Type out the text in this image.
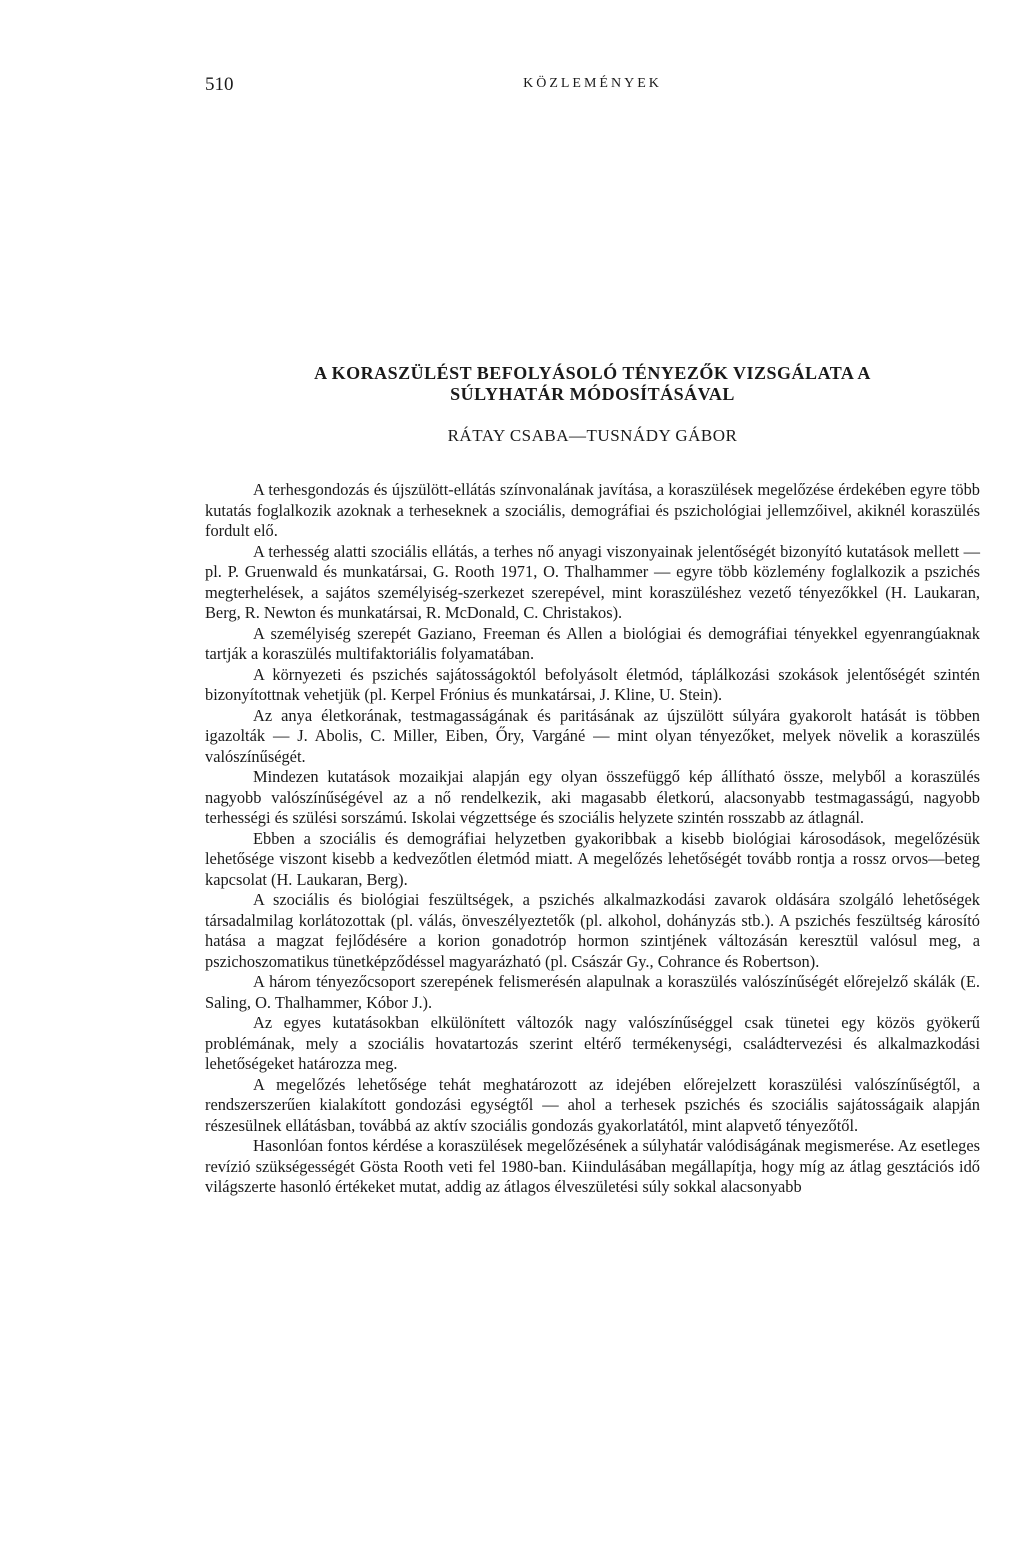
510	KÖZLEMÉNYEK
A KORASZÜLÉST BEFOLYÁSOLÓ TÉNYEZŐK VIZSGÁLATA A
SÚLYHATÁR MÓDOSÍTÁSÁVAL
RÁTAY CSABA—TUSNÁDY GÁBOR

A terhesgondozás és újszülött-ellátás színvonalának javítása, a koraszülések megelőzése érdekében egyre több kutatás foglalkozik azoknak a terheseknek a szociális, demográfiai és pszichológiai jellemzőivel, akiknél koraszülés fordult elő.

A terhesség alatti szociális ellátás, a terhes nő anyagi viszonyainak jelentőségét bizonyító kutatások mellett — pl. P. Gruenwald és munkatársai, G. Rooth 1971, O. Thalhammer — egyre több közlemény foglalkozik a pszichés megterhelések, a sajátos személyiség-szerkezet szerepével, mint koraszüléshez vezető tényezőkkel (H. Laukaran, Berg, R. Newton és munkatársai, R. McDonald, C. Christakos).

A személyiség szerepét Gaziano, Freeman és Allen a biológiai és demográfiai tényekkel egyenrangúaknak tartják a koraszülés multifaktoriális folyamatában.

A környezeti és pszichés sajátosságoktól befolyásolt életmód, táplálkozási szokások jelentőségét szintén bizonyítottnak vehetjük (pl. Kerpel Frónius és munkatársai, J. Kline, U. Stein).

Az anya életkorának, testmagasságának és paritásának az újszülött súlyára gyakorolt hatását is többen igazolták — J. Abolis, C. Miller, Eiben, Őry, Vargáné — mint olyan tényezőket, melyek növelik a koraszülés valószínűségét.

Mindezen kutatások mozaikjai alapján egy olyan összefüggő kép állítható össze, melyből a koraszülés nagyobb valószínűségével az a nő rendelkezik, aki magasabb életkorú, alacsonyabb testmagasságú, nagyobb terhességi és szülési sorszámú. Iskolai végzettsége és szociális helyzete szintén rosszabb az átlagnál.

Ebben a szociális és demográfiai helyzetben gyakoribbak a kisebb biológiai károsodások, megelőzésük lehetősége viszont kisebb a kedvezőtlen életmód miatt. A megelőzés lehetőségét tovább rontja a rossz orvos—beteg kapcsolat (H. Laukaran, Berg).

A szociális és biológiai feszültségek, a pszichés alkalmazkodási zavarok oldására szolgáló lehetőségek társadalmilag korlátozottak (pl. válás, önveszélyeztetők (pl. alkohol, dohányzás stb.). A pszichés feszültség károsító hatása a magzat fejlődésére a korion gonadotróp hormon szintjének változásán keresztül valósul meg, a pszichoszomatikus tünetképződéssel magyarázható (pl. Császár Gy., Cohrance és Robertson).

A három tényezőcsoport szerepének felismerésén alapulnak a koraszülés valószínűségét előrejelző skálák (E. Saling, O. Thalhammer, Kóbor J.).

Az egyes kutatásokban elkülönített változók nagy valószínűséggel csak tünetei egy közös gyökerű problémának, mely a szociális hovatartozás szerint eltérő termékenységi, családtervezési és alkalmazkodási lehetőségeket határozza meg.

A megelőzés lehetősége tehát meghatározott az idejében előrejelzett koraszülési valószínűségtől, a rendszerszerűen kialakított gondozási egységtől — ahol a terhesek pszichés és szociális sajátosságaik alapján részesülnek ellátásban, továbbá az aktív szociális gondozás gyakorlatától, mint alapvető tényezőtől.

Hasonlóan fontos kérdése a koraszülések megelőzésének a súlyhatár valódiságának megismerése. Az esetleges revízió szükségességét Gösta Rooth veti fel 1980-ban. Kiindulásában megállapítja, hogy míg az átlag gesztációs idő világszerte hasonló értékeket mutat, addig az átlagos élveszületési súly sokkal alacsonyabb
